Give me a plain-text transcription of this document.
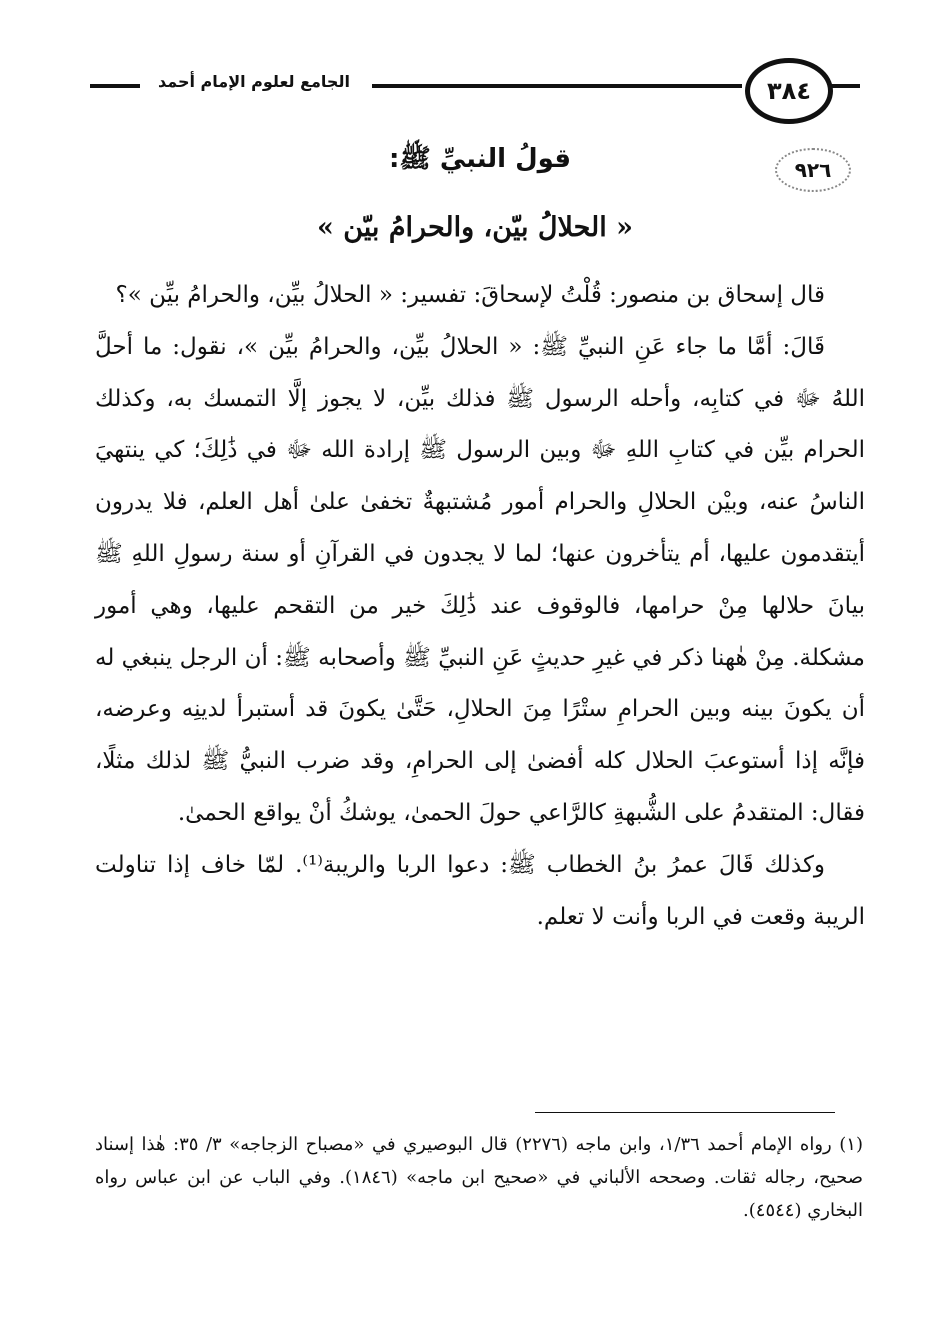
الجامع لعلوم الإمام أحمد	٣٨٤
٩٢٦
قولُ النبيِّ ﷺ:
« الحلالُ بيّن، والحرامُ بيّن »

قال إسحاق بن منصور: قُلْتُ لإسحاقَ: تفسير: « الحلالُ بيِّن، والحرامُ بيِّن »؟

قَالَ: أمَّا ما جاء عَنِ النبيِّ ﷺ: « الحلالُ بيِّن، والحرامُ بيِّن »، نقول: ما أحلَّ اللهُ ﷻ في كتابِه، وأحله الرسول ﷺ فذلك بيِّن، لا يجوز إلَّا التمسك به، وكذلك الحرام بيِّن في كتابِ اللهِ ﷻ وبين الرسول ﷺ إرادة الله ﷻ في ذَٰلِكَ؛ كي ينتهيَ الناسُ عنه، وبيْن الحلالِ والحرام أمور مُشتبهةٌ تخفىٰ علىٰ أهل العلم، فلا يدرون أيتقدمون عليها، أم يتأخرون عنها؛ لما لا يجدون في القرآنِ أو سنة رسولِ اللهِ ﷺ بيانَ حلالها مِنْ حرامها، فالوقوف عند ذَٰلِكَ خير من التقحم عليها، وهي أمور مشكلة. مِنْ هٰهنا ذكر في غيرِ حديثٍ عَنِ النبيِّ ﷺ وأصحابه ﷺ: أن الرجل ينبغي له أن يكونَ بينه وبين الحرامِ ستْرًا مِنَ الحلالِ، حَتَّىٰ يكونَ قد أستبرأ لدينِه وعرضه، فإنَّه إذا أستوعبَ الحلال كله أفضىٰ إلى الحرامِ، وقد ضرب النبيُّ ﷺ لذلك مثلًا، فقال: المتقدمُ على الشُّبهةِ كالرَّاعي حولَ الحمىٰ، يوشكُ أنْ يواقع الحمىٰ.

وكذلك قَالَ عمرُ بنُ الخطاب ﷺ: دعوا الربا والريبة⁽¹⁾. لمّا خاف إذا تناولت الريبة وقعت في الربا وأنت لا تعلم.

(١) رواه الإمام أحمد ١/٣٦، وابن ماجه (٢٢٧٦) قال البوصيري في «مصباح الزجاجه» ٣/ ٣٥: هٰذا إسناد صحيح، رجاله ثقات. وصححه الألباني في «صحيح ابن ماجه» (١٨٤٦). وفي الباب عن ابن عباس رواه البخاري (٤٥٤٤).
